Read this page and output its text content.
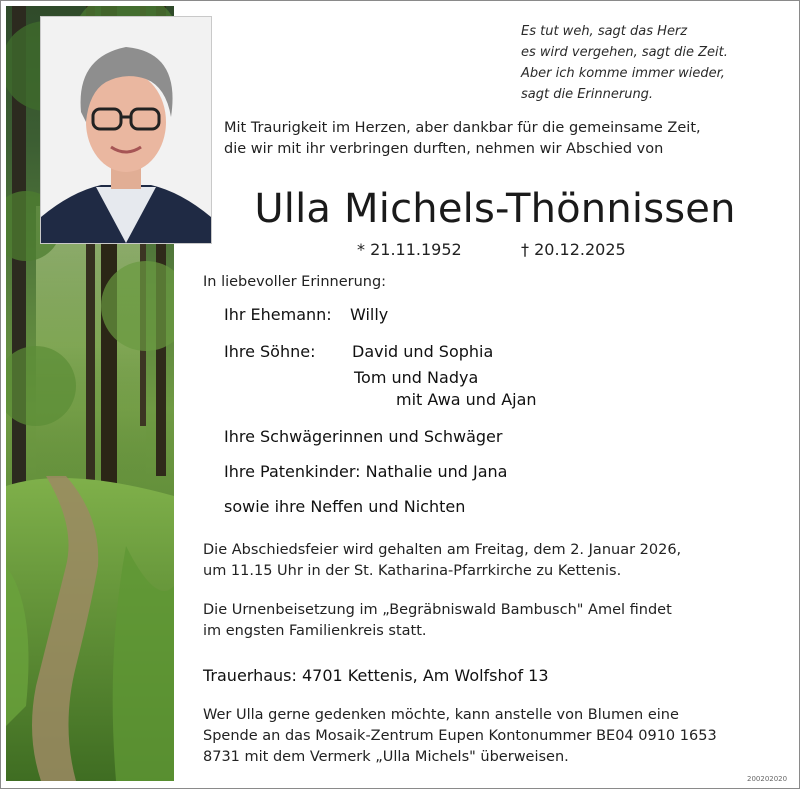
Es tut weh, sagt das Herz
es wird vergehen, sagt die Zeit.
Aber ich komme immer wieder,
sagt die Erinnerung.
Mit Traurigkeit im Herzen, aber dankbar für die gemeinsame Zeit,
die wir mit ihr verbringen durften, nehmen wir Abschied von
Ulla Michels-Thönnissen
* 21.11.1952	† 20.12.2025
In liebevoller Erinnerung:
Ihr Ehemann: Willy
Ihre Söhne: David und Sophia
Tom und Nadya
mit Awa und Ajan
Ihre Schwägerinnen und Schwäger
Ihre Patenkinder: Nathalie und Jana
sowie ihre Neffen und Nichten
Die Abschiedsfeier wird gehalten am Freitag, dem 2. Januar 2026,
um 11.15 Uhr in der St. Katharina-Pfarrkirche zu Kettenis.
Die Urnenbeisetzung im „Begräbniswald Bambusch" Amel findet
im engsten Familienkreis statt.
Trauerhaus: 4701 Kettenis, Am Wolfshof 13
Wer Ulla gerne gedenken möchte, kann anstelle von Blumen eine
Spende an das Mosaik-Zentrum Eupen Kontonummer BE04 0910 1653
8731 mit dem Vermerk „Ulla Michels" überweisen.
200202020
